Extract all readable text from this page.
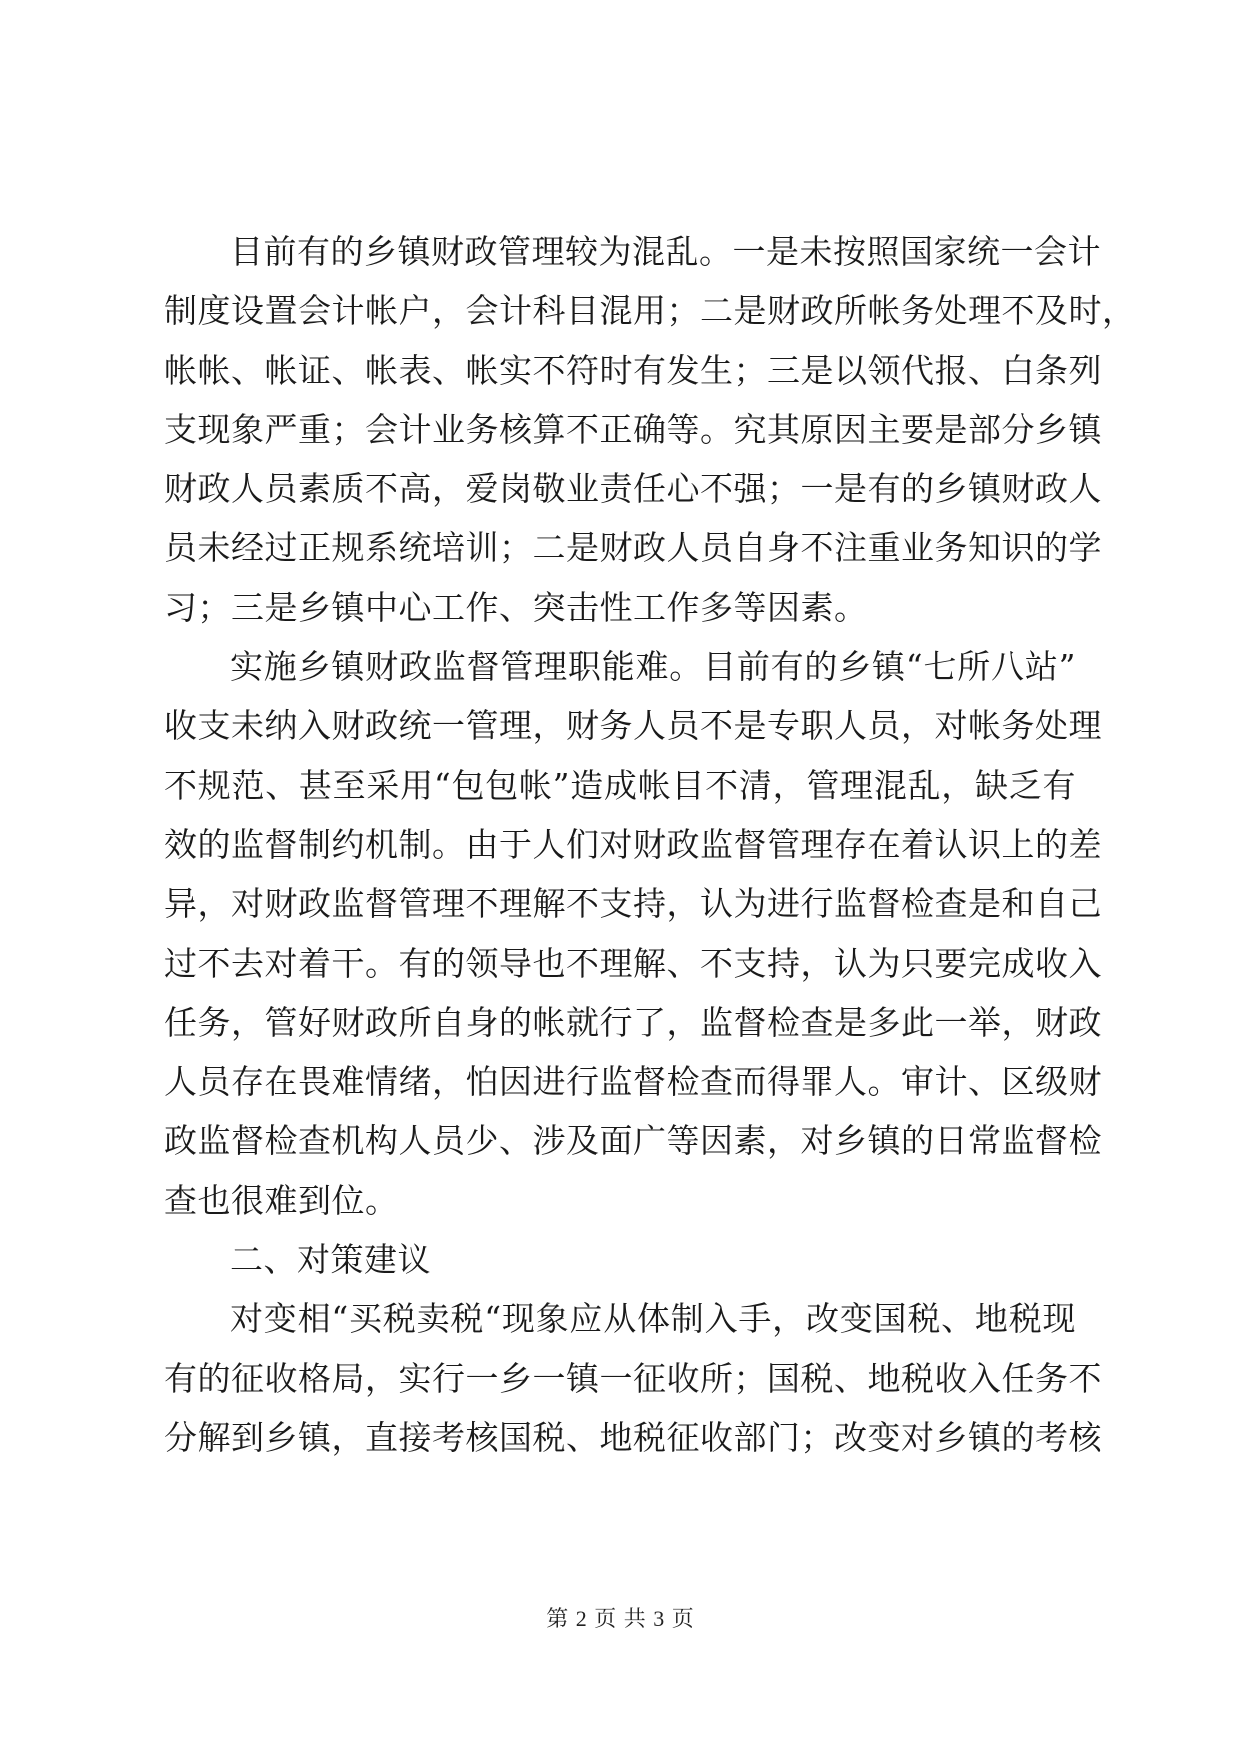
目前有的乡镇财政管理较为混乱。一是未按照国家统一会计
制度设置会计帐户，会计科目混用；二是财政所帐务处理不及时，
帐帐、帐证、帐表、帐实不符时有发生；三是以领代报、白条列
支现象严重；会计业务核算不正确等。究其原因主要是部分乡镇
财政人员素质不高，爱岗敬业责任心不强；一是有的乡镇财政人
员未经过正规系统培训；二是财政人员自身不注重业务知识的学
习；三是乡镇中心工作、突击性工作多等因素。
实施乡镇财政监督管理职能难。目前有的乡镇“七所八站”
收支未纳入财政统一管理，财务人员不是专职人员，对帐务处理
不规范、甚至采用“包包帐”造成帐目不清，管理混乱，缺乏有
效的监督制约机制。由于人们对财政监督管理存在着认识上的差
异，对财政监督管理不理解不支持，认为进行监督检查是和自己
过不去对着干。有的领导也不理解、不支持，认为只要完成收入
任务，管好财政所自身的帐就行了，监督检查是多此一举，财政
人员存在畏难情绪，怕因进行监督检查而得罪人。审计、区级财
政监督检查机构人员少、涉及面广等因素，对乡镇的日常监督检
查也很难到位。
二、对策建议
对变相“买税卖税“现象应从体制入手，改变国税、地税现
有的征收格局，实行一乡一镇一征收所；国税、地税收入任务不
分解到乡镇，直接考核国税、地税征收部门；改变对乡镇的考核
第 2 页 共 3 页
